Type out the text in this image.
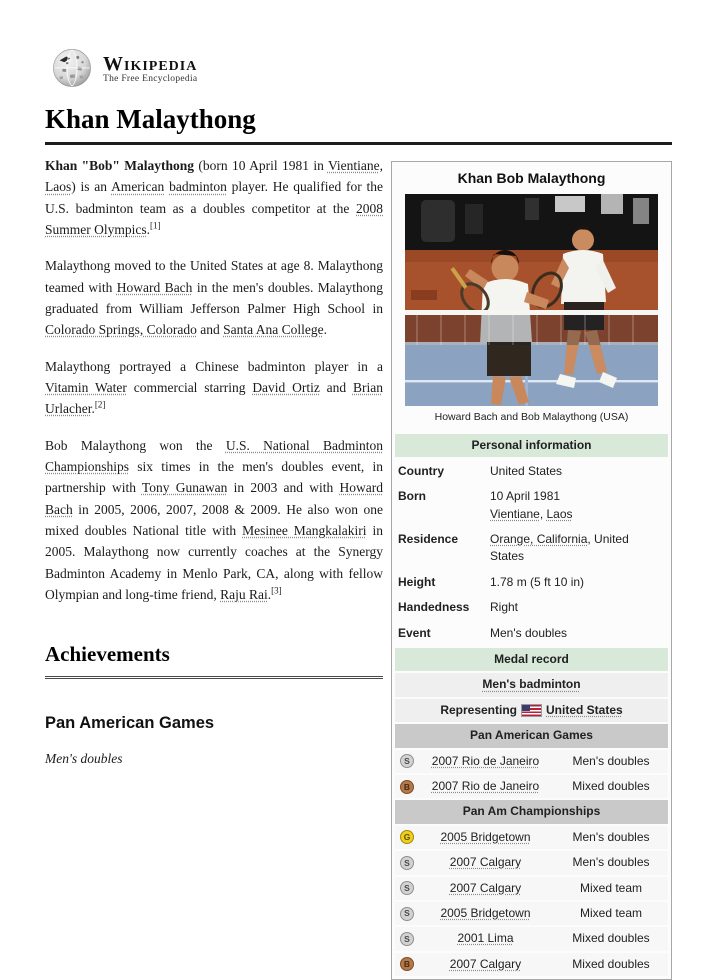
Wikipedia
The Free Encyclopedia
Khan Malaythong

Khan "Bob" Malaythong (born 10 April 1981 in Vientiane, Laos) is an American badminton player. He qualified for the U.S. badminton team as a doubles competitor at the 2008 Summer Olympics.[1]

Malaythong moved to the United States at age 8. Malaythong teamed with Howard Bach in the men's doubles. Malaythong graduated from William Jefferson Palmer High School in Colorado Springs, Colorado and Santa Ana College.

Malaythong portrayed a Chinese badminton player in a Vitamin Water commercial starring David Ortiz and Brian Urlacher.[2]

Bob Malaythong won the U.S. National Badminton Championships six times in the men's doubles event, in partnership with Tony Gunawan in 2003 and with Howard Bach in 2005, 2006, 2007, 2008 & 2009. He also won one mixed doubles National title with Mesinee Mangkalakiri in 2005. Malaythong now currently coaches at the Synergy Badminton Academy in Menlo Park, CA, along with fellow Olympian and long-time friend, Raju Rai.[3]

Achievements
Pan American Games
Men's doubles
Khan Bob Malaythong
Howard Bach and Bob Malaythong (USA)
Personal information
Country	United States
Born	10 April 1981
Vientiane, Laos
Residence	Orange, California, United States
Height	1.78 m (5 ft 10 in)
Handedness	Right
Event	Men's doubles
Medal record
Men's badminton
Representing United States
Pan American Games
S	2007 Rio de Janeiro	Men's doubles
B	2007 Rio de Janeiro	Mixed doubles
Pan Am Championships
G	2005 Bridgetown	Men's doubles
S	2007 Calgary	Men's doubles
S	2007 Calgary	Mixed team
S	2005 Bridgetown	Mixed team
S	2001 Lima	Mixed doubles
B	2007 Calgary	Mixed doubles
